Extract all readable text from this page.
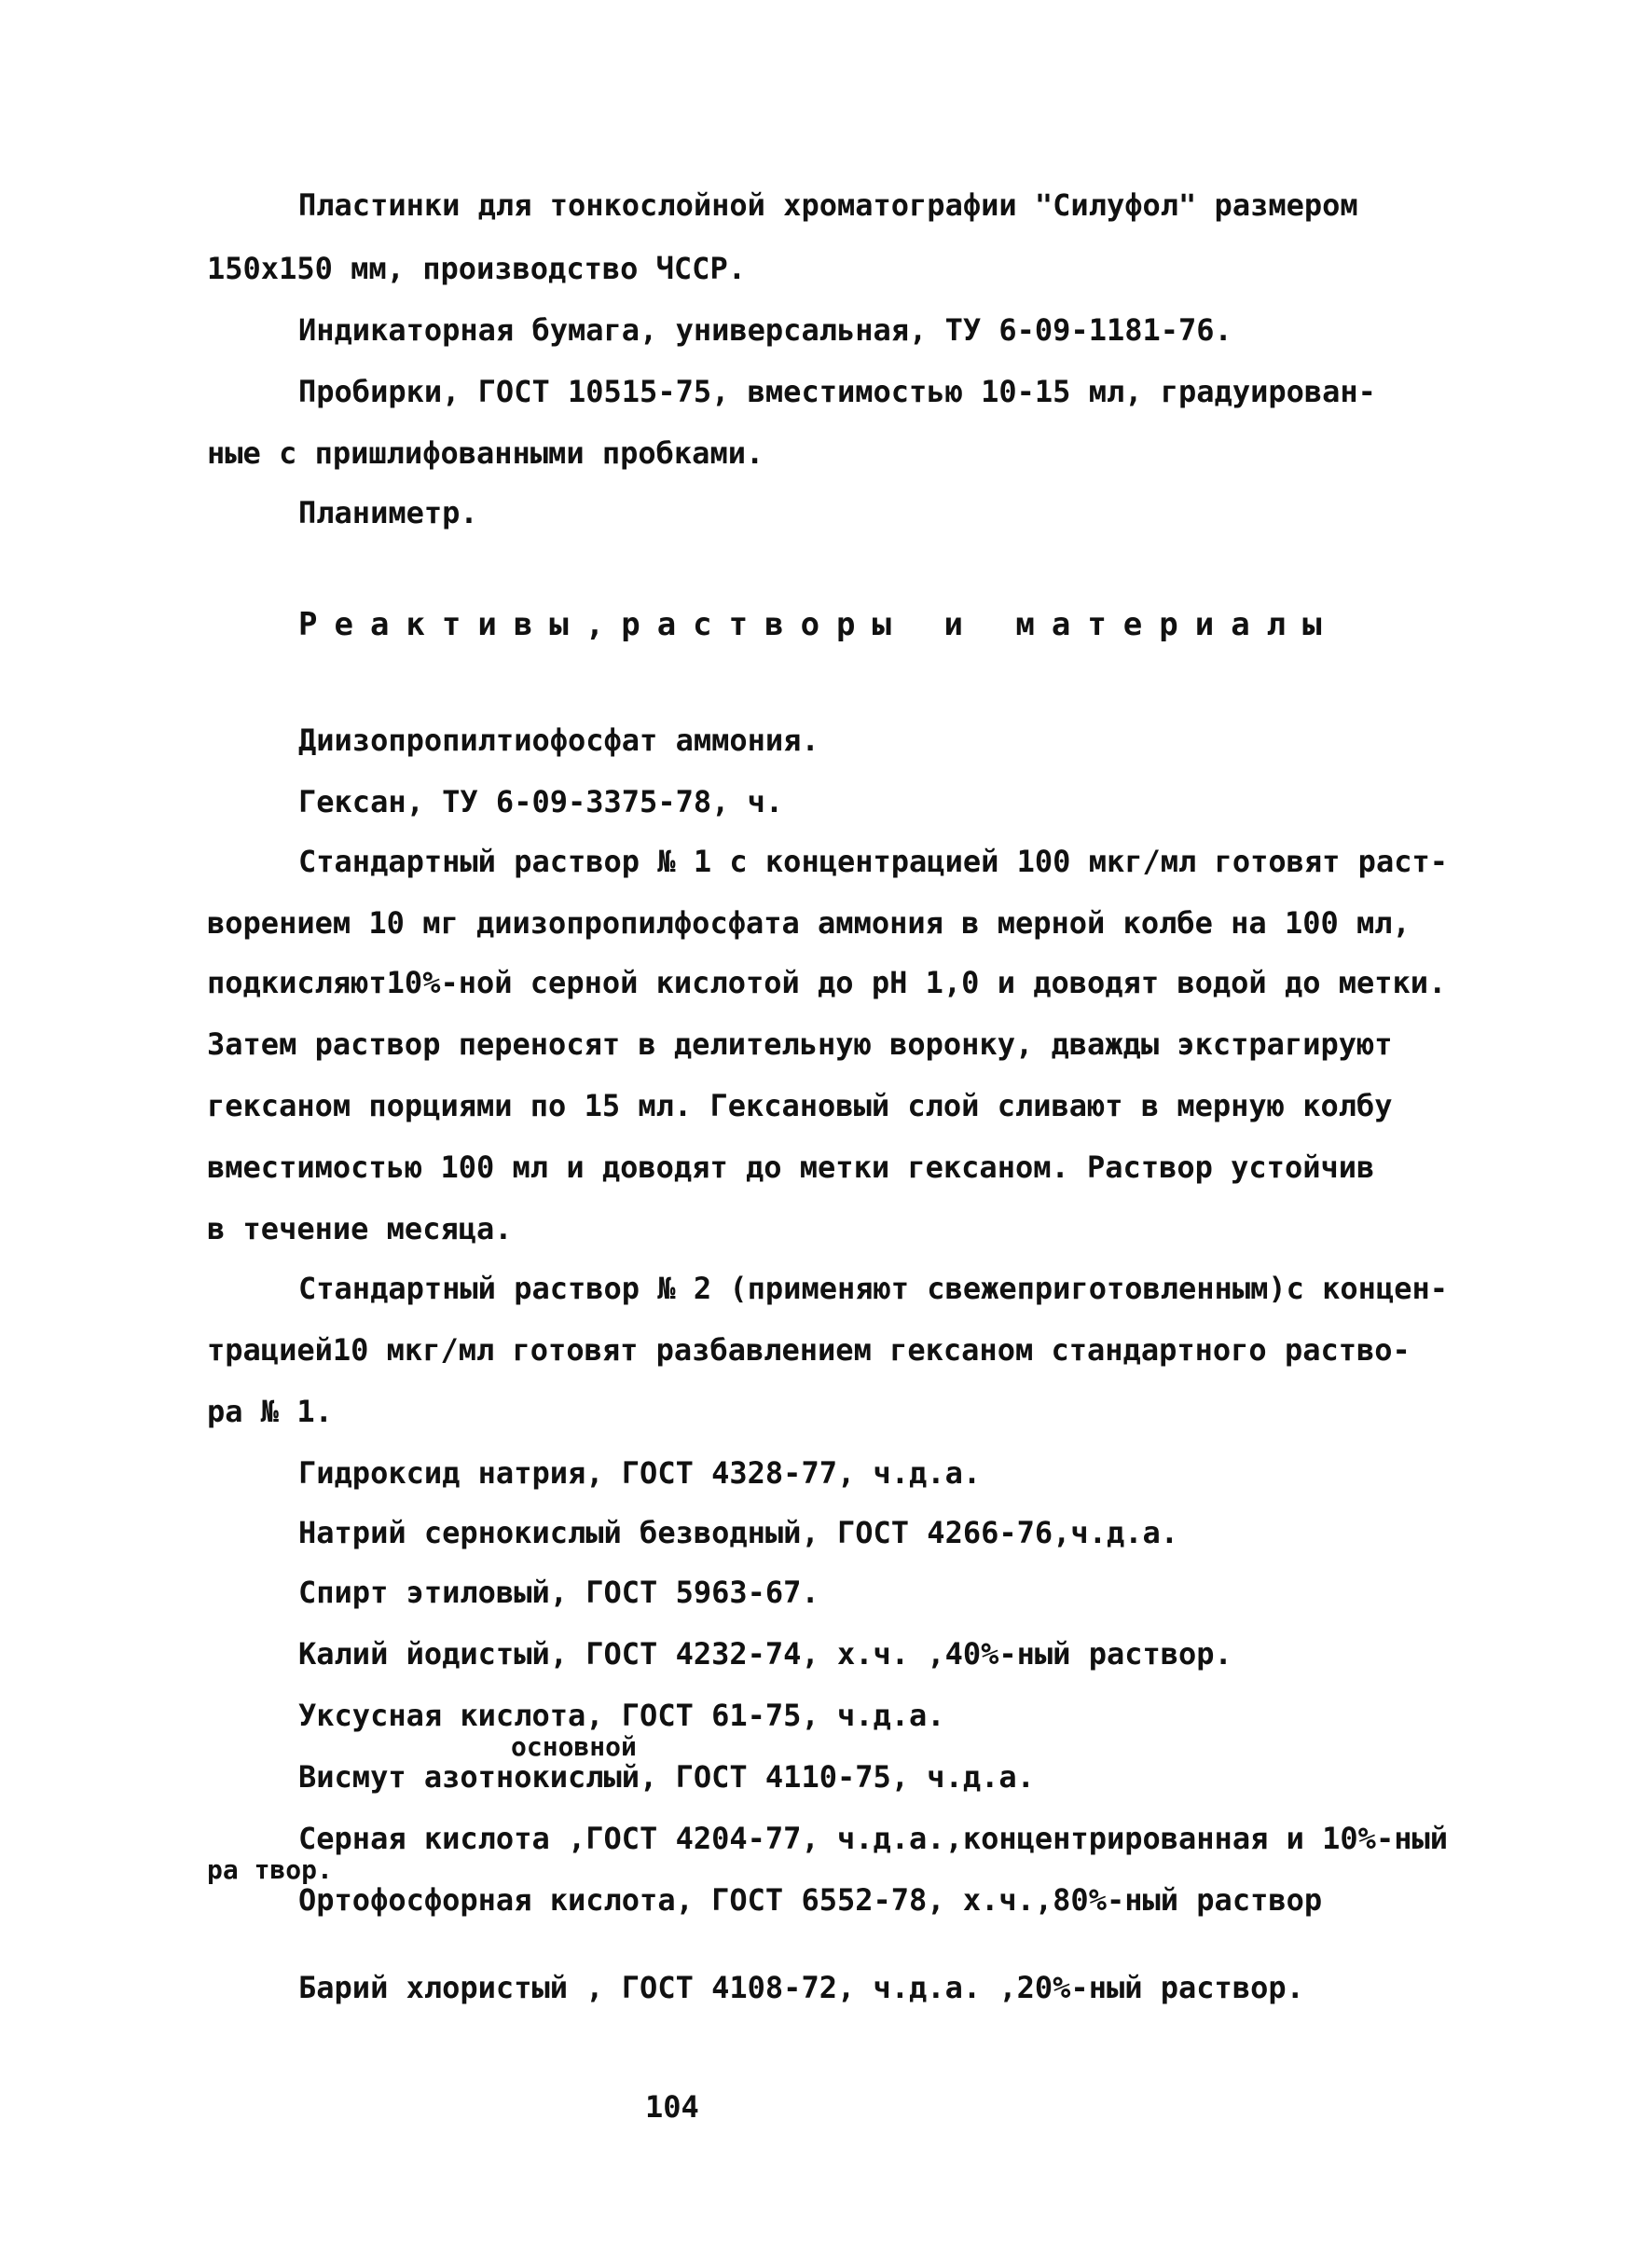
Пластинки для тонкослойной хроматографии "Силуфол" размером
150x150 мм, производство ЧССР.
Индикаторная бумага, универсальная, ТУ 6-09-1181-76.
Пробирки, ГОСТ 10515-75, вместимостью 10-15 мл, градуирован-
ные с пришлифованными пробками.
Планиметр.
Реактивы,растворы и материалы
Диизопропилтиофосфат аммония.
Гексан, ТУ 6-09-3375-78, ч.
Стандартный раствор № 1 с концентрацией 100 мкг/мл готовят раст-
ворением 10 мг диизопропилфосфата аммония в мерной колбе на 100 мл,
подкисляют10%-ной серной кислотой до рН 1,0 и доводят водой до метки.
Затем раствор переносят в делительную воронку, дважды экстрагируют
гексаном порциями по 15 мл. Гексановый слой сливают в мерную колбу
вместимостью 100 мл и доводят до метки гексаном. Раствор устойчив
в течение месяца.
Стандартный раствор № 2 (применяют свежеприготовленным)с концен-
трацией10 мкг/мл готовят разбавлением гексаном стандартного раство-
ра № 1.
Гидроксид натрия, ГОСТ 4328-77, ч.д.а.
Натрий сернокислый безводный, ГОСТ 4266-76,ч.д.а.
Спирт этиловый, ГОСТ 5963-67.
Калий йодистый, ГОСТ 4232-74, х.ч. ,40%-ный раствор.
Уксусная кислота, ГОСТ 61-75, ч.д.а.
основной
Висмут азотнокислый, ГОСТ 4110-75, ч.д.а.
Серная кислота ,ГОСТ 4204-77, ч.д.а.,концентрированная и 10%-ный
ра твор.
Ортофосфорная кислота, ГОСТ 6552-78, х.ч.,80%-ный раствор
Барий хлористый , ГОСТ 4108-72, ч.д.а. ,20%-ный раствор.
104
